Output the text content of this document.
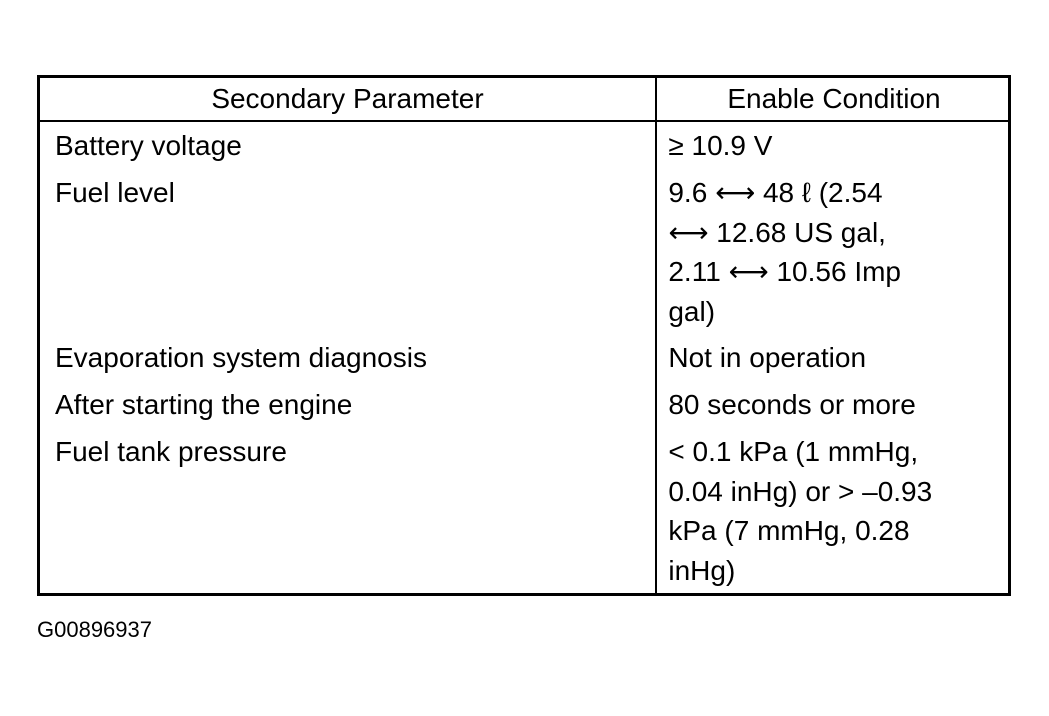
Secondary Parameter	Enable Condition
Battery voltage	≥ 10.9 V
Fuel level	9.6 ⟷ 48 ℓ (2.54
⟷ 12.68 US gal,
2.11 ⟷ 10.56 Imp
gal)
Evaporation system diagnosis	Not in operation
After starting the engine	80 seconds or more
Fuel tank pressure	< 0.1 kPa (1 mmHg,
0.04 inHg) or > –0.93
kPa (7 mmHg, 0.28
inHg)
G00896937
